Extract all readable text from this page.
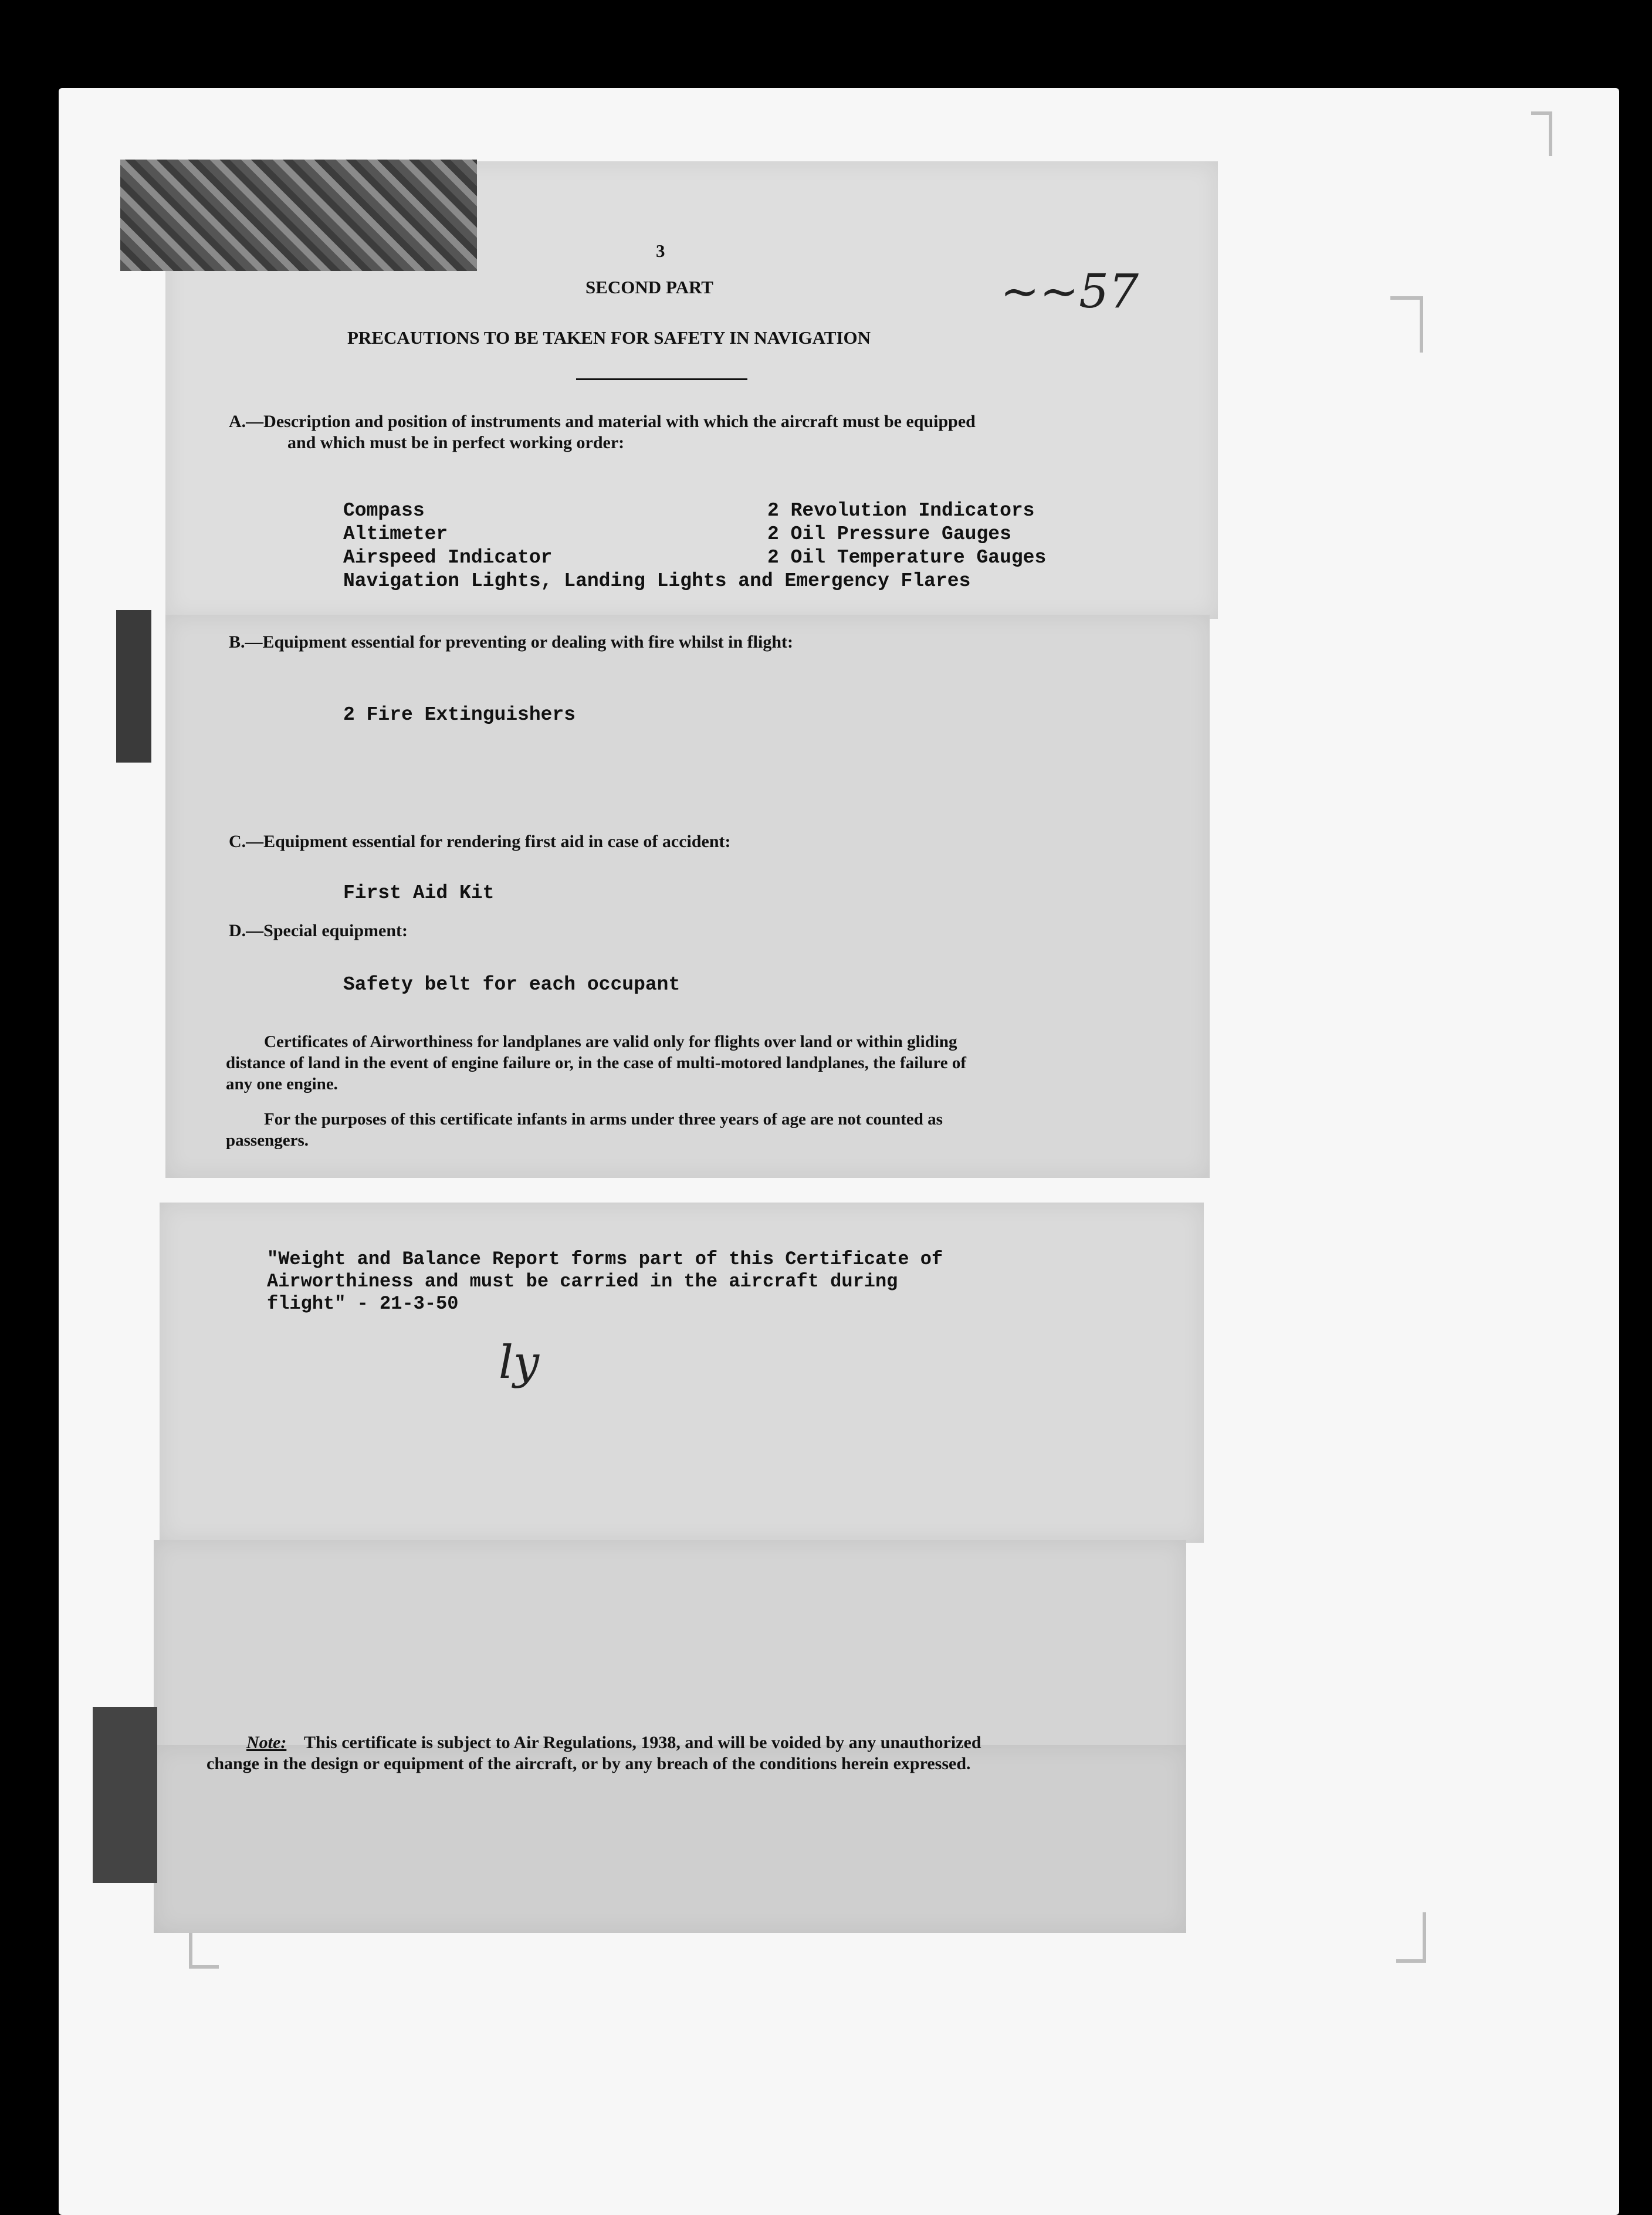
3

SECOND PART

PRECAUTIONS TO BE TAKEN FOR SAFETY IN NAVIGATION

~~57

A.—Description and position of instruments and material with which the aircraft must be equipped

and which must be in perfect working order:

Compass

Altimeter

Airspeed Indicator

2 Revolution Indicators

2 Oil Pressure Gauges

2 Oil Temperature Gauges

Navigation Lights, Landing Lights and Emergency Flares

B.—Equipment essential for preventing or dealing with fire whilst in flight:

2 Fire Extinguishers

C.—Equipment essential for rendering first aid in case of accident:

First Aid Kit

D.—Special equipment:

Safety belt for each occupant

Certificates of Airworthiness for landplanes are valid only for flights over land or within gliding

distance of land in the event of engine failure or, in the case of multi-motored landplanes, the failure of

any one engine.

For the purposes of this certificate infants in arms under three years of age are not counted as

passengers.

"Weight and Balance Report forms part of this Certificate of

Airworthiness and must be carried in the aircraft during

flight" - 21-3-50

ly

Note: This certificate is subject to Air Regulations, 1938, and will be voided by any unauthorized

change in the design or equipment of the aircraft, or by any breach of the conditions herein expressed.
